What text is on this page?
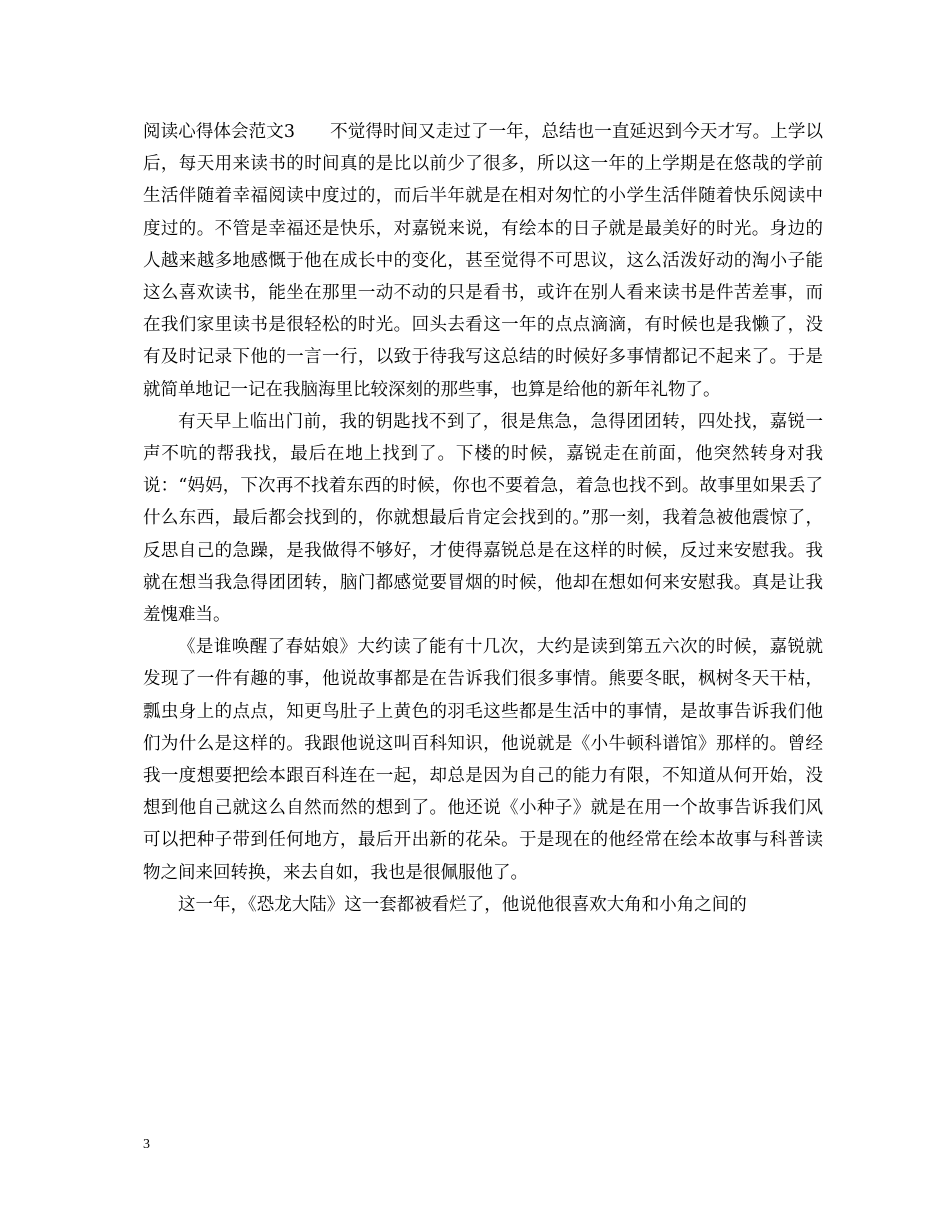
阅读心得体会范文3 不觉得时间又走过了一年，总结也一直延迟到今天才写。上学以后，每天用来读书的时间真的是比以前少了很多，所以这一年的上学期是在悠哉的学前生活伴随着幸福阅读中度过的，而后半年就是在相对匆忙的小学生活伴随着快乐阅读中度过的。不管是幸福还是快乐，对嘉锐来说，有绘本的日子就是最美好的时光。身边的人越来越多地感慨于他在成长中的变化，甚至觉得不可思议，这么活泼好动的淘小子能这么喜欢读书，能坐在那里一动不动的只是看书，或许在别人看来读书是件苦差事，而在我们家里读书是很轻松的时光。回头去看这一年的点点滴滴，有时候也是我懒了，没有及时记录下他的一言一行，以致于待我写这总结的时候好多事情都记不起来了。于是就简单地记一记在我脑海里比较深刻的那些事，也算是给他的新年礼物了。

有天早上临出门前，我的钥匙找不到了，很是焦急，急得团团转，四处找，嘉锐一声不吭的帮我找，最后在地上找到了。下楼的时候，嘉锐走在前面，他突然转身对我说：“妈妈，下次再不找着东西的时候，你也不要着急，着急也找不到。故事里如果丢了什么东西，最后都会找到的，你就想最后肯定会找到的。”那一刻，我着急被他震惊了，反思自己的急躁，是我做得不够好，才使得嘉锐总是在这样的时候，反过来安慰我。我就在想当我急得团团转，脑门都感觉要冒烟的时候，他却在想如何来安慰我。真是让我羞愧难当。

《是谁唤醒了春姑娘》大约读了能有十几次，大约是读到第五六次的时候，嘉锐就发现了一件有趣的事，他说故事都是在告诉我们很多事情。熊要冬眠，枫树冬天干枯，瓢虫身上的点点，知更鸟肚子上黄色的羽毛这些都是生活中的事情，是故事告诉我们他们为什么是这样的。我跟他说这叫百科知识，他说就是《小牛顿科谱馆》那样的。曾经我一度想要把绘本跟百科连在一起，却总是因为自己的能力有限，不知道从何开始，没想到他自己就这么自然而然的想到了。他还说《小种子》就是在用一个故事告诉我们风可以把种子带到任何地方，最后开出新的花朵。于是现在的他经常在绘本故事与科普读物之间来回转换，来去自如，我也是很佩服他了。

这一年，《恐龙大陆》这一套都被看烂了，他说他很喜欢大角和小角之间的

3
